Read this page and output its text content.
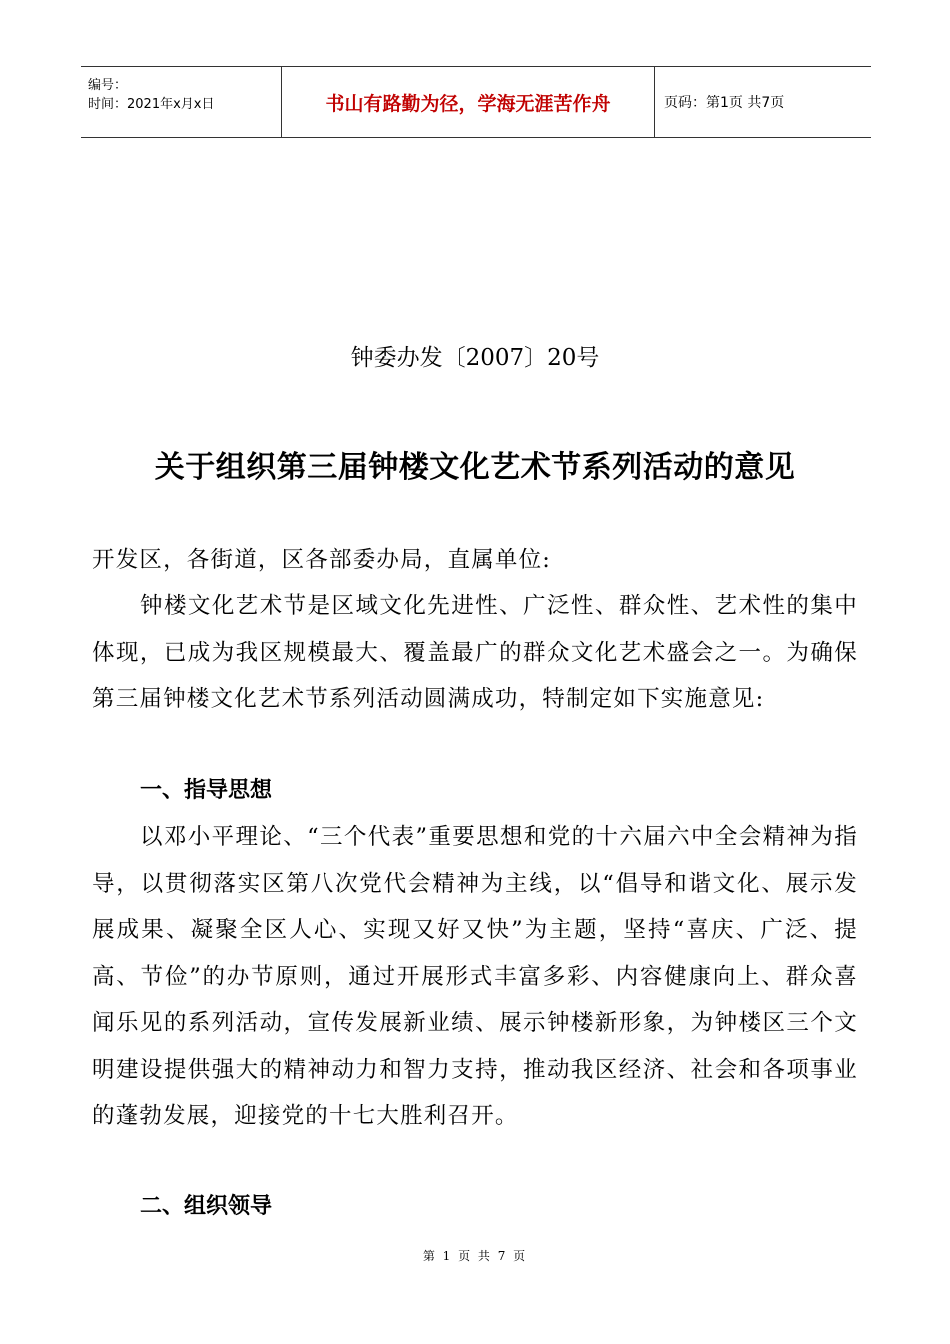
编号：
时间：2021年x月x日	书山有路勤为径，学海无涯苦作舟	页码：第1页 共7页
钟委办发〔2007〕20号
关于组织第三届钟楼文化艺术节系列活动的意见
开发区，各街道，区各部委办局，直属单位:
钟楼文化艺术节是区域文化先进性、广泛性、群众性、艺术性的集中体现，已成为我区规模最大、覆盖最广的群众文化艺术盛会之一。为确保第三届钟楼文化艺术节系列活动圆满成功，特制定如下实施意见:
一、指导思想
以邓小平理论、“三个代表”重要思想和党的十六届六中全会精神为指导，以贯彻落实区第八次党代会精神为主线，以“倡导和谐文化、展示发展成果、凝聚全区人心、实现又好又快”为主题，坚持“喜庆、广泛、提高、节俭”的办节原则，通过开展形式丰富多彩、内容健康向上、群众喜闻乐见的系列活动，宣传发展新业绩、展示钟楼新形象，为钟楼区三个文明建设提供强大的精神动力和智力支持，推动我区经济、社会和各项事业的蓬勃发展，迎接党的十七大胜利召开。
二、组织领导
第 1 页 共 7 页
